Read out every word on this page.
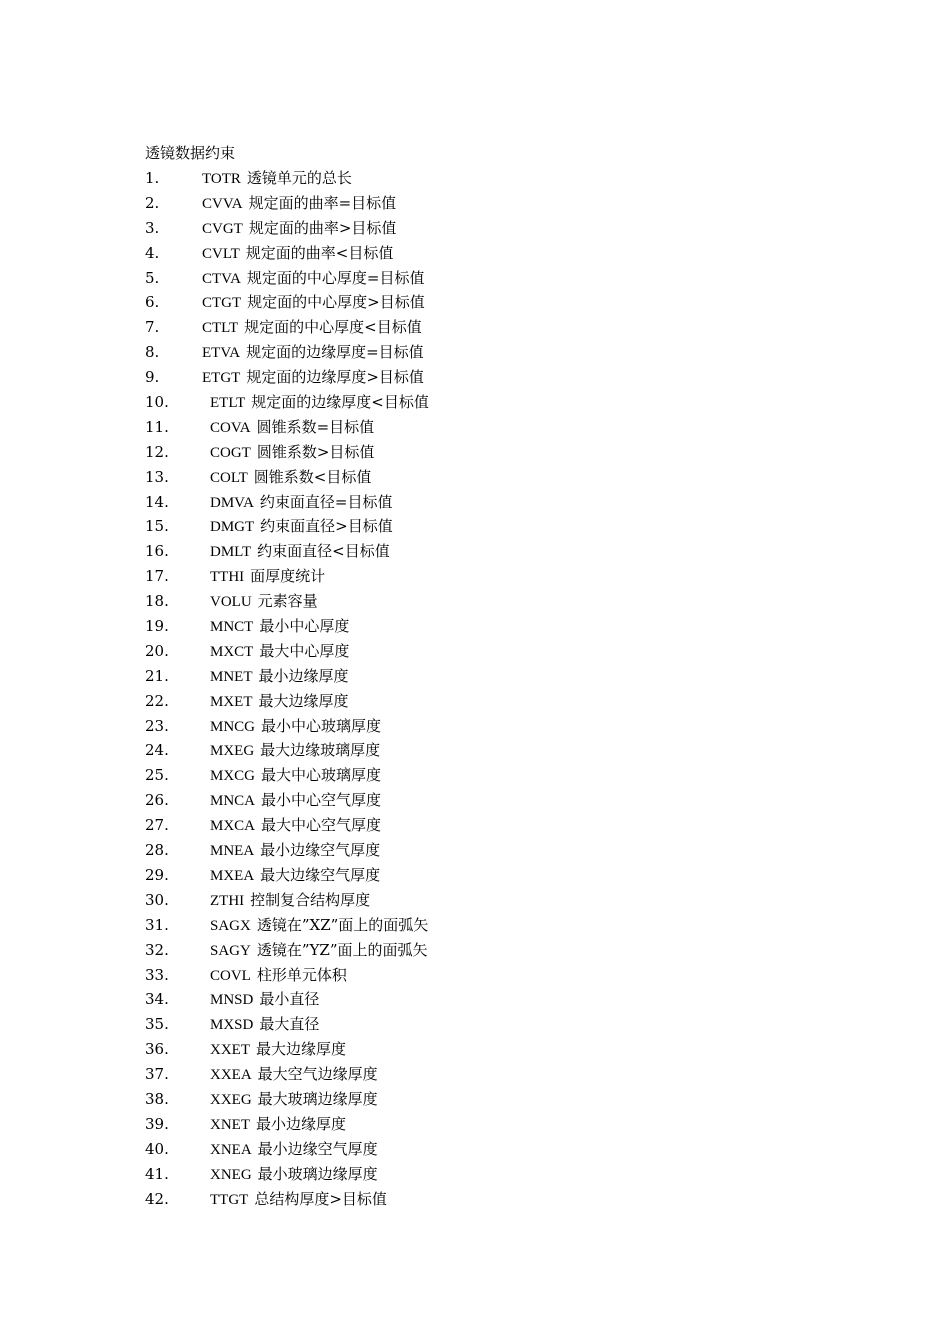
透镜数据约束
1.	TOTR 透镜单元的总长
2.	CVVA 规定面的曲率=目标值
3.	CVGT 规定面的曲率>目标值
4.	CVLT 规定面的曲率<目标值
5.	CTVA 规定面的中心厚度=目标值
6.	CTGT 规定面的中心厚度>目标值
7.	CTLT 规定面的中心厚度<目标值
8.	ETVA 规定面的边缘厚度=目标值
9.	ETGT 规定面的边缘厚度>目标值
10.	ETLT 规定面的边缘厚度<目标值
11.	COVA 圆锥系数=目标值
12.	COGT 圆锥系数>目标值
13.	COLT 圆锥系数<目标值
14.	DMVA 约束面直径=目标值
15.	DMGT 约束面直径>目标值
16.	DMLT 约束面直径<目标值
17.	TTHI 面厚度统计
18.	VOLU 元素容量
19.	MNCT 最小中心厚度
20.	MXCT 最大中心厚度
21.	MNET 最小边缘厚度
22.	MXET 最大边缘厚度
23.	MNCG 最小中心玻璃厚度
24.	MXEG 最大边缘玻璃厚度
25.	MXCG 最大中心玻璃厚度
26.	MNCA 最小中心空气厚度
27.	MXCA 最大中心空气厚度
28.	MNEA 最小边缘空气厚度
29.	MXEA 最大边缘空气厚度
30.	ZTHI 控制复合结构厚度
31.	SAGX 透镜在”XZ”面上的面弧矢
32.	SAGY 透镜在”YZ”面上的面弧矢
33.	COVL 柱形单元体积
34.	MNSD 最小直径
35.	MXSD 最大直径
36.	XXET 最大边缘厚度
37.	XXEA 最大空气边缘厚度
38.	XXEG 最大玻璃边缘厚度
39.	XNET 最小边缘厚度
40.	XNEA 最小边缘空气厚度
41.	XNEG 最小玻璃边缘厚度
42.	TTGT 总结构厚度>目标值
